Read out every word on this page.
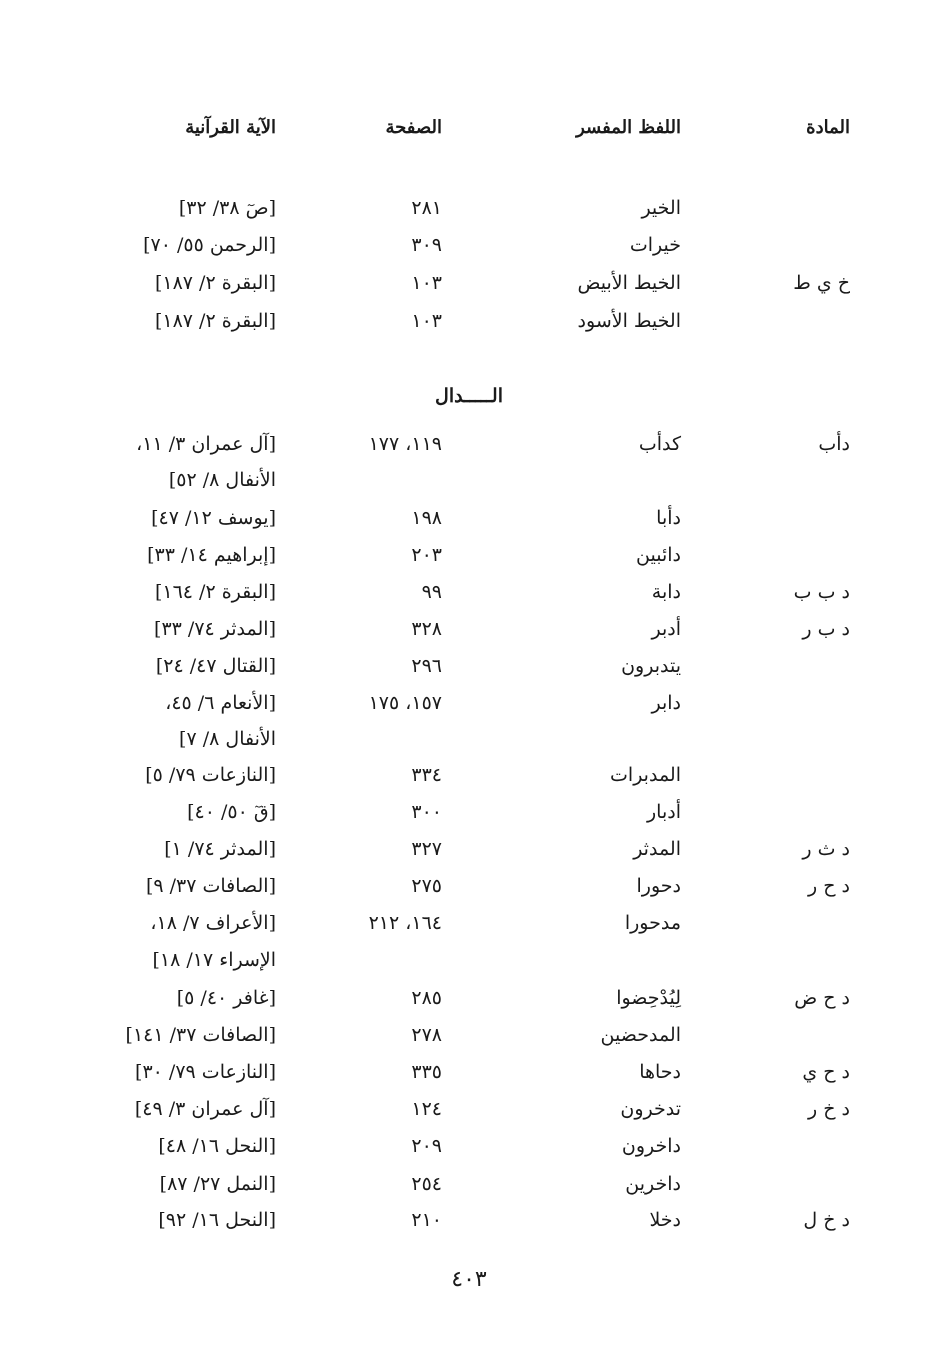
المادة
اللفظ المفسر
الصفحة
الآية القرآنية
الخير
٢٨١
[صٓ ٣٨/ ٣٢]
خيرات
٣٠٩
[الرحمن ٥٥/ ٧٠]
خ ي ط
الخيط الأبيض
١٠٣
[البقرة ٢/ ١٨٧]
الخيط الأسود
١٠٣
[البقرة ٢/ ١٨٧]
دأب
كدأب
١١٩، ١٧٧
[آل عمران ٣/ ١١،
الأنفال ٨/ ٥٢]
دأبا
١٩٨
[يوسف ١٢/ ٤٧]
دائبين
٢٠٣
[إبراهيم ١٤/ ٣٣]
د ب ب
دابة
٩٩
[البقرة ٢/ ١٦٤]
د ب ر
أدبر
٣٢٨
[المدثر ٧٤/ ٣٣]
يتدبرون
٢٩٦
[القتال ٤٧/ ٢٤]
دابر
١٥٧، ١٧٥
[الأنعام ٦/ ٤٥،
الأنفال ٨/ ٧]
المدبرات
٣٣٤
[النازعات ٧٩/ ٥]
أدبار
٣٠٠
[قٓ ٥٠/ ٤٠]
د ث ر
المدثر
٣٢٧
[المدثر ٧٤/ ١]
د ح ر
دحورا
٢٧٥
[الصافات ٣٧/ ٩]
مدحورا
١٦٤، ٢١٢
[الأعراف ٧/ ١٨،
الإسراء ١٧/ ١٨]
د ح ض
لِيُدْحِضوا
٢٨٥
[غافر ٤٠/ ٥]
المدحضين
٢٧٨
[الصافات ٣٧/ ١٤١]
د ح ي
دحاها
٣٣٥
[النازعات ٧٩/ ٣٠]
د خ ر
تدخرون
١٢٤
[آل عمران ٣/ ٤٩]
داخرون
٢٠٩
[النحل ١٦/ ٤٨]
داخرين
٢٥٤
[النمل ٢٧/ ٨٧]
د خ ل
دخلا
٢١٠
[النحل ١٦/ ٩٢]
الـــــدال
٤٠٣
